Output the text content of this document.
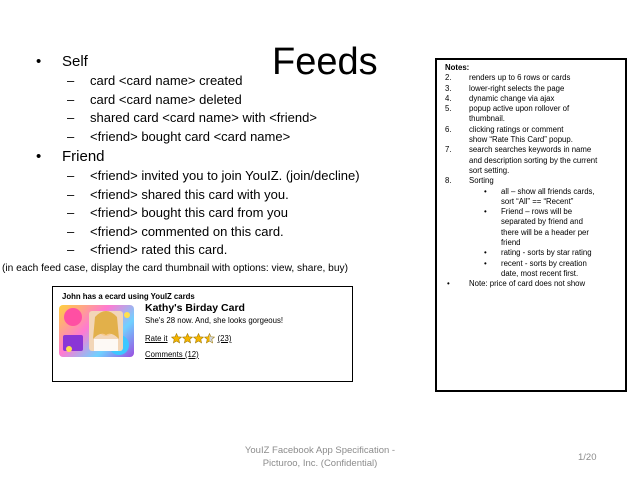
Feeds
• Self
– card <card name> created
– card <card name> deleted
– shared card <card name> with <friend>
– <friend> bought card <card name>
• Friend
– <friend> invited you to join YouIZ. (join/decline)
– <friend> shared this card with you.
– <friend> bought this card from you
– <friend> commented on this card.
– <friend> rated this card.
(in each feed case, display the card thumbnail with options: view, share, buy)
John has a ecard using YouIZ cards
Kathy's Birday Card
She's 28 now. And, she looks gorgeous!
Rate it	(23)
Comments (12)
Notes:
2. renders up to 6 rows or cards
3. lower-right selects the page
4. dynamic change via ajax
5. popup active upon rollover of
thumbnail.
6. clicking ratings or comment
show “Rate This Card” popup.
7. search searches keywords in name
and description sorting by the current
sort setting.
8. Sorting
• all – show all friends cards,
sort “All” == “Recent”
• Friend – rows will be
separated by friend and
there will be a header per
friend
• rating - sorts by star rating
• recent - sorts by creation
date, most recent first.
• Note: price of card does not show
YouIZ Facebook App Specification -
Picturoo, Inc. (Confidential)
1/20
